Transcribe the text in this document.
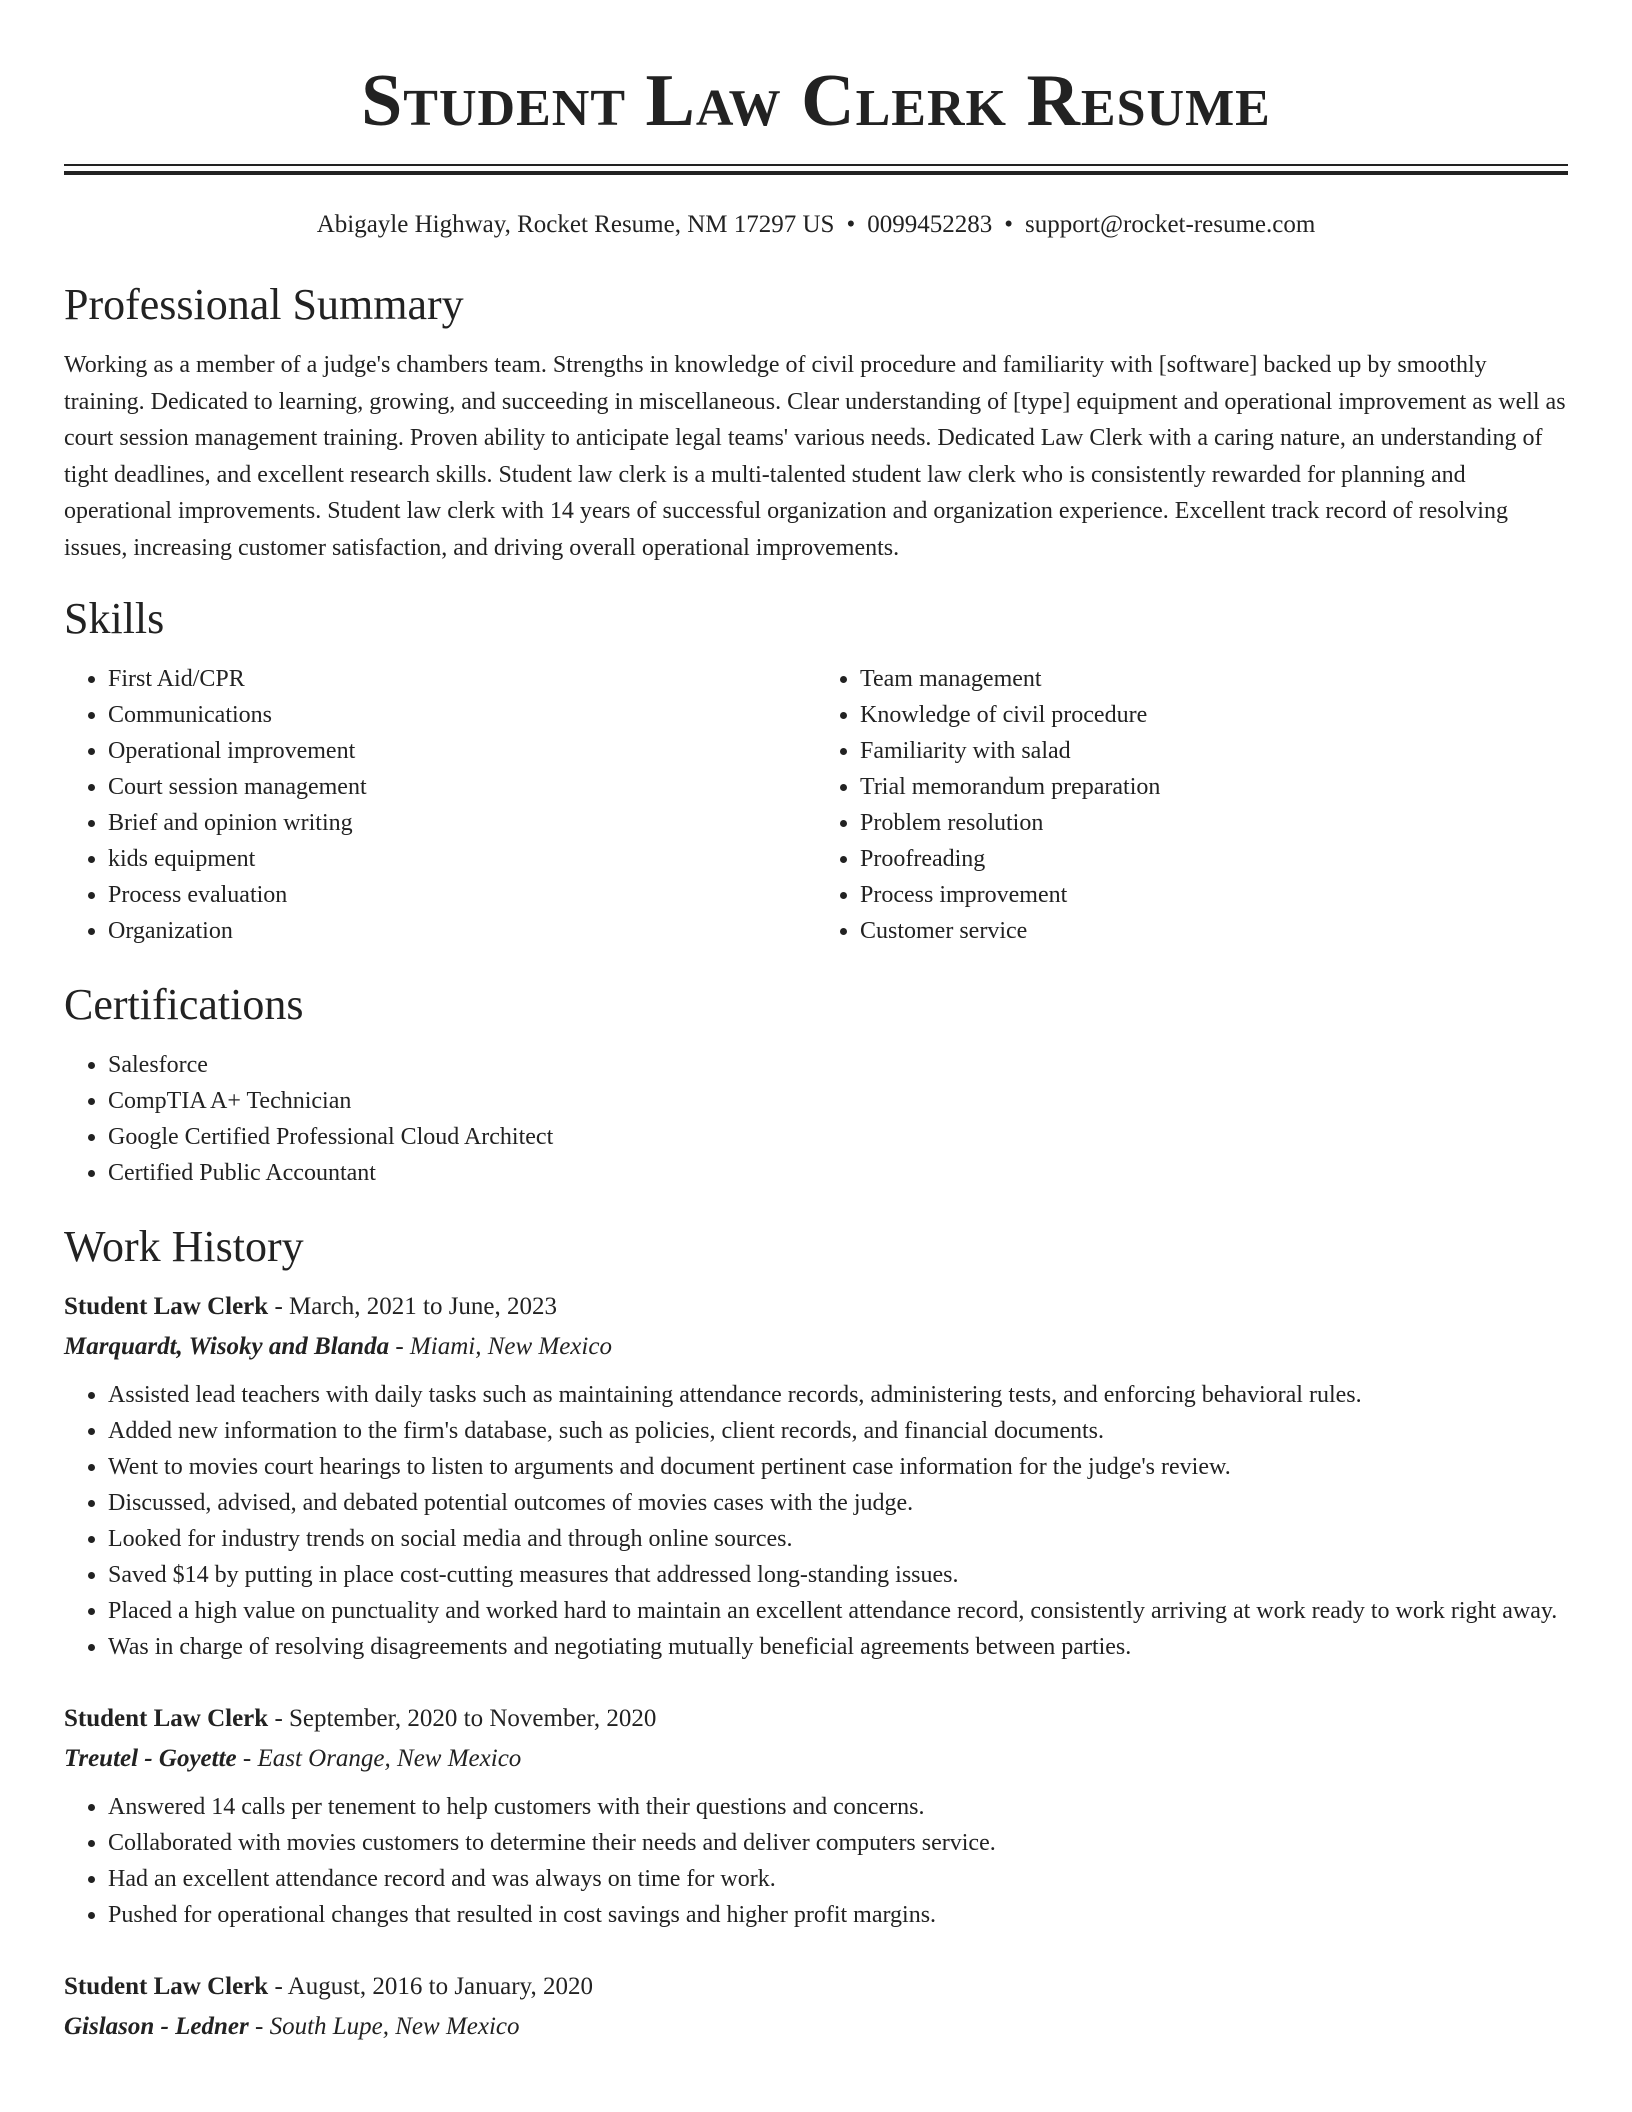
Student Law Clerk Resume
Abigayle Highway, Rocket Resume, NM 17297 US • 0099452283 • support@rocket-resume.com
Professional Summary
Working as a member of a judge's chambers team. Strengths in knowledge of civil procedure and familiarity with [software] backed up by smoothly training. Dedicated to learning, growing, and succeeding in miscellaneous. Clear understanding of [type] equipment and operational improvement as well as court session management training. Proven ability to anticipate legal teams' various needs. Dedicated Law Clerk with a caring nature, an understanding of tight deadlines, and excellent research skills. Student law clerk is a multi-talented student law clerk who is consistently rewarded for planning and operational improvements. Student law clerk with 14 years of successful organization and organization experience. Excellent track record of resolving issues, increasing customer satisfaction, and driving overall operational improvements.
Skills
• First Aid/CPR
• Communications
• Operational improvement
• Court session management
• Brief and opinion writing
• kids equipment
• Process evaluation
• Organization
• Team management
• Knowledge of civil procedure
• Familiarity with salad
• Trial memorandum preparation
• Problem resolution
• Proofreading
• Process improvement
• Customer service
Certifications
• Salesforce
• CompTIA A+ Technician
• Google Certified Professional Cloud Architect
• Certified Public Accountant
Work History
Student Law Clerk - March, 2021 to June, 2023
Marquardt, Wisoky and Blanda - Miami, New Mexico
• Assisted lead teachers with daily tasks such as maintaining attendance records, administering tests, and enforcing behavioral rules.
• Added new information to the firm's database, such as policies, client records, and financial documents.
• Went to movies court hearings to listen to arguments and document pertinent case information for the judge's review.
• Discussed, advised, and debated potential outcomes of movies cases with the judge.
• Looked for industry trends on social media and through online sources.
• Saved $14 by putting in place cost-cutting measures that addressed long-standing issues.
• Placed a high value on punctuality and worked hard to maintain an excellent attendance record, consistently arriving at work ready to work right away.
• Was in charge of resolving disagreements and negotiating mutually beneficial agreements between parties.
Student Law Clerk - September, 2020 to November, 2020
Treutel - Goyette - East Orange, New Mexico
• Answered 14 calls per tenement to help customers with their questions and concerns.
• Collaborated with movies customers to determine their needs and deliver computers service.
• Had an excellent attendance record and was always on time for work.
• Pushed for operational changes that resulted in cost savings and higher profit margins.
Student Law Clerk - August, 2016 to January, 2020
Gislason - Ledner - South Lupe, New Mexico
